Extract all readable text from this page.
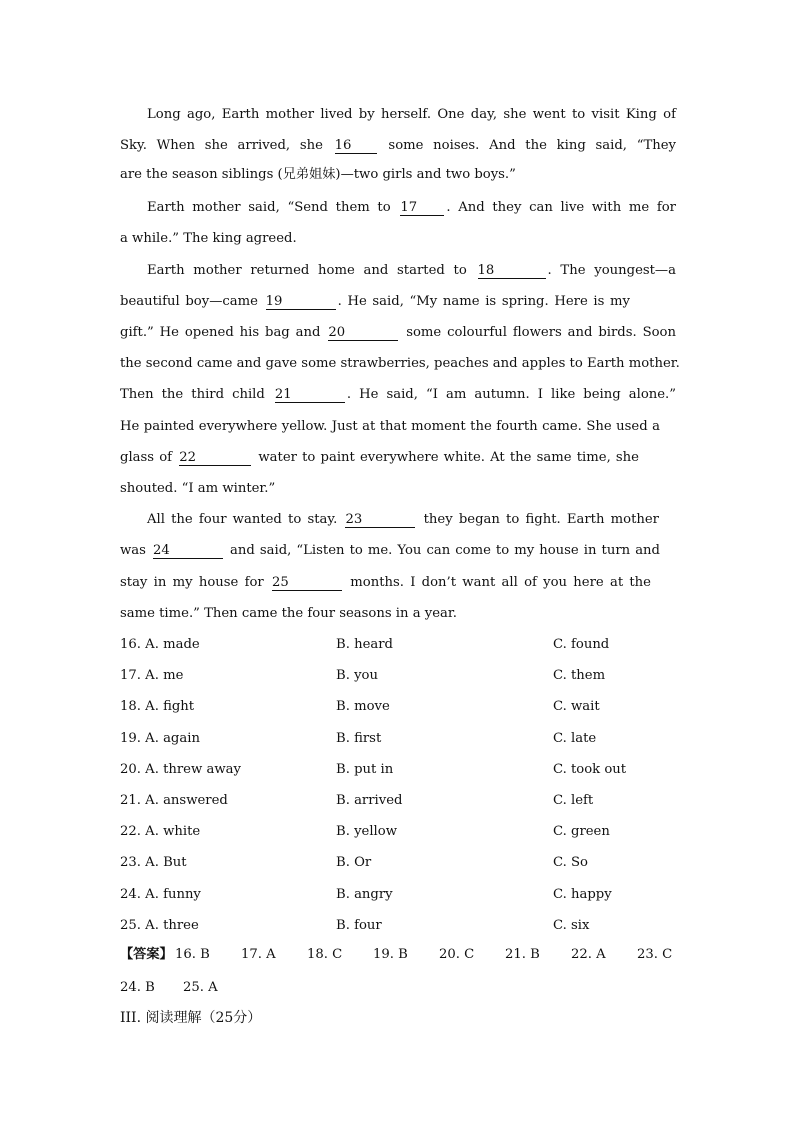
Long ago, Earth mother lived by herself. One day, she went to visit King of
Sky. When she arrived, she 16	some noises. And the king said, “They
are the season siblings (兄弟姐妹)—two girls and two boys.”
Earth mother said, “Send them to 17 . And they can live with me for
a while.” The king agreed.
Earth mother returned home and started to 18	. The youngest—a
beautiful boy—came 19	. He said, “My name is spring. Here is my
gift.” He opened his bag and 20	some colourful flowers and birds. Soon
the second came and gave some strawberries, peaches and apples to Earth mother.
Then the third child 21	. He said, “I am autumn. I like being alone.”
He painted everywhere yellow. Just at that moment the fourth came. She used a
glass of 22	water to paint everywhere white. At the same time, she
shouted. “I am winter.”
All the four wanted to stay. 23	they began to fight. Earth mother
was 24	and said, “Listen to me. You can come to my house in turn and
stay in my house for 25	months. I don’t want all of you here at the
same time.” Then came the four seasons in a year.
16. A. made	B. heard	C. found
17. A. me	B. you	C. them
18. A. fight	B. move	C. wait
19. A. again	B. first	C. late
20. A. threw away	B. put in	C. took out
21. A. answered	B. arrived	C. left
22. A. white	B. yellow	C. green
23. A. But	B. Or	C. So
24. A. funny	B. angry	C. happy
25. A. three	B. four	C. six
【答案】 16. B 17. A 18. C 19. B 20. C 21. B 22. A 23. C
24. B 25. A
III. 阅读理解（25分）
